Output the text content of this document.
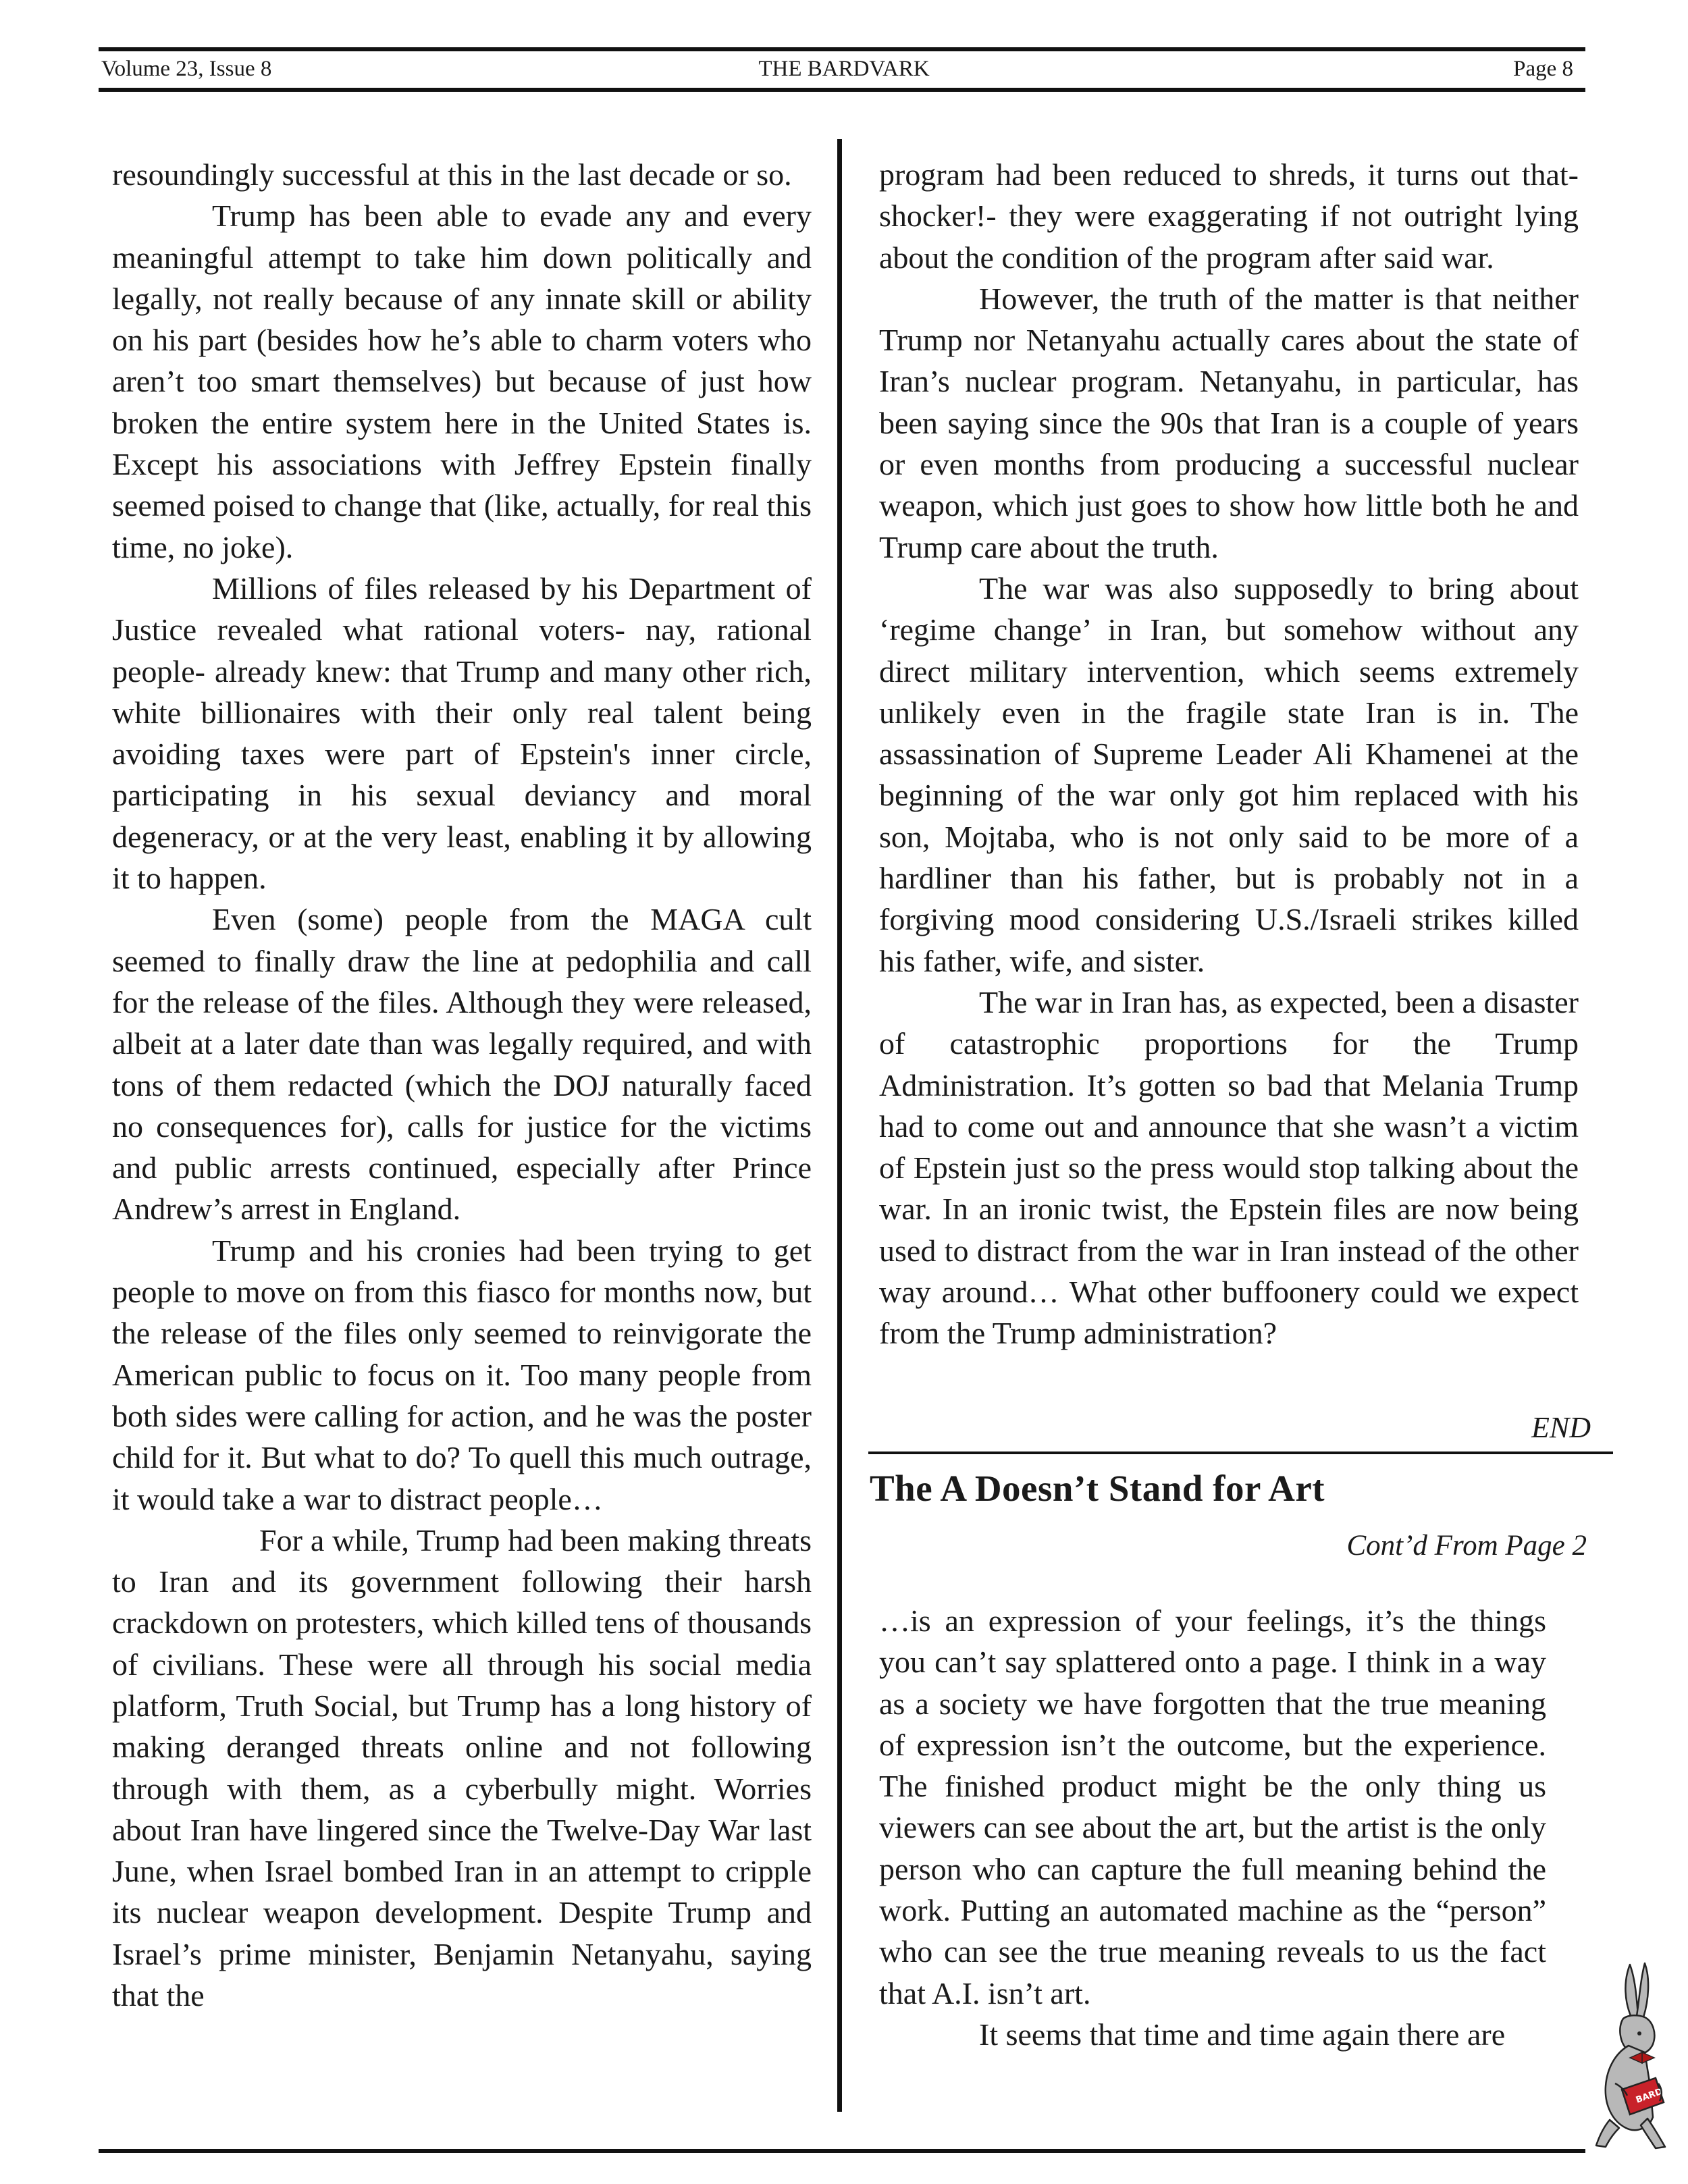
Volume 23, Issue 8	THE BARDVARK	Page 8

resoundingly successful at this in the last decade or so.

Trump has been able to evade any and every meaningful attempt to take him down politically and legally, not really because of any innate skill or ability on his part (besides how he’s able to charm voters who aren’t too smart themselves) but because of just how broken the entire system here in the United States is. Except his associations with Jeffrey Epstein finally seemed poised to change that (like, actually, for real this time, no joke).

Millions of files released by his Department of Justice revealed what rational voters- nay, rational people- already knew: that Trump and many other rich, white billionaires with their only real talent being avoiding taxes were part of Epstein's inner circle, participating in his sexual deviancy and moral degeneracy, or at the very least, enabling it by allowing it to happen.

Even (some) people from the MAGA cult seemed to finally draw the line at pedophilia and call for the release of the files. Although they were released, albeit at a later date than was legally required, and with tons of them redacted (which the DOJ naturally faced no consequences for), calls for justice for the victims and public arrests continued, especially after Prince Andrew’s arrest in England.

Trump and his cronies had been trying to get people to move on from this fiasco for months now, but the release of the files only seemed to reinvigorate the American public to focus on it. Too many people from both sides were calling for action, and he was the poster child for it. But what to do? To quell this much outrage, it would take a war to distract people…

For a while, Trump had been making threats to Iran and its government following their harsh crackdown on protesters, which killed tens of thousands of civilians. These were all through his social media platform, Truth Social, but Trump has a long history of making deranged threats online and not following through with them, as a cyberbully might. Worries about Iran have lingered since the Twelve-Day War last June, when Israel bombed Iran in an attempt to cripple its nuclear weapon development. Despite Trump and Israel’s prime minister, Benjamin Netanyahu, saying that the

program had been reduced to shreds, it turns out that-shocker!- they were exaggerating if not outright lying about the condition of the program after said war.

However, the truth of the matter is that neither Trump nor Netanyahu actually cares about the state of Iran’s nuclear program. Netanyahu, in particular, has been saying since the 90s that Iran is a couple of years or even months from producing a successful nuclear weapon, which just goes to show how little both he and Trump care about the truth.

The war was also supposedly to bring about ‘regime change’ in Iran, but somehow without any direct military intervention, which seems extremely unlikely even in the fragile state Iran is in. The assassination of Supreme Leader Ali Khamenei at the beginning of the war only got him replaced with his son, Mojtaba, who is not only said to be more of a hardliner than his father, but is probably not in a forgiving mood considering U.S./Israeli strikes killed his father, wife, and sister.

The war in Iran has, as expected, been a disaster of catastrophic proportions for the Trump Administration. It’s gotten so bad that Melania Trump had to come out and announce that she wasn’t a victim of Epstein just so the press would stop talking about the war. In an ironic twist, the Epstein files are now being used to distract from the war in Iran instead of the other way around… What other buffoonery could we expect from the Trump administration?

END
The A Doesn’t Stand for Art
Cont’d From Page 2

…is an expression of your feelings, it’s the things you can’t say splattered onto a page. I think in a way as a society we have forgotten that the true meaning of expression isn’t the outcome, but the experience. The finished product might be the only thing us viewers can see about the art, but the artist is the only person who can capture the full meaning behind the work. Putting an automated machine as the “person” who can see the true meaning reveals to us the fact that A.I. isn’t art.

It seems that time and time again there are

BARD
